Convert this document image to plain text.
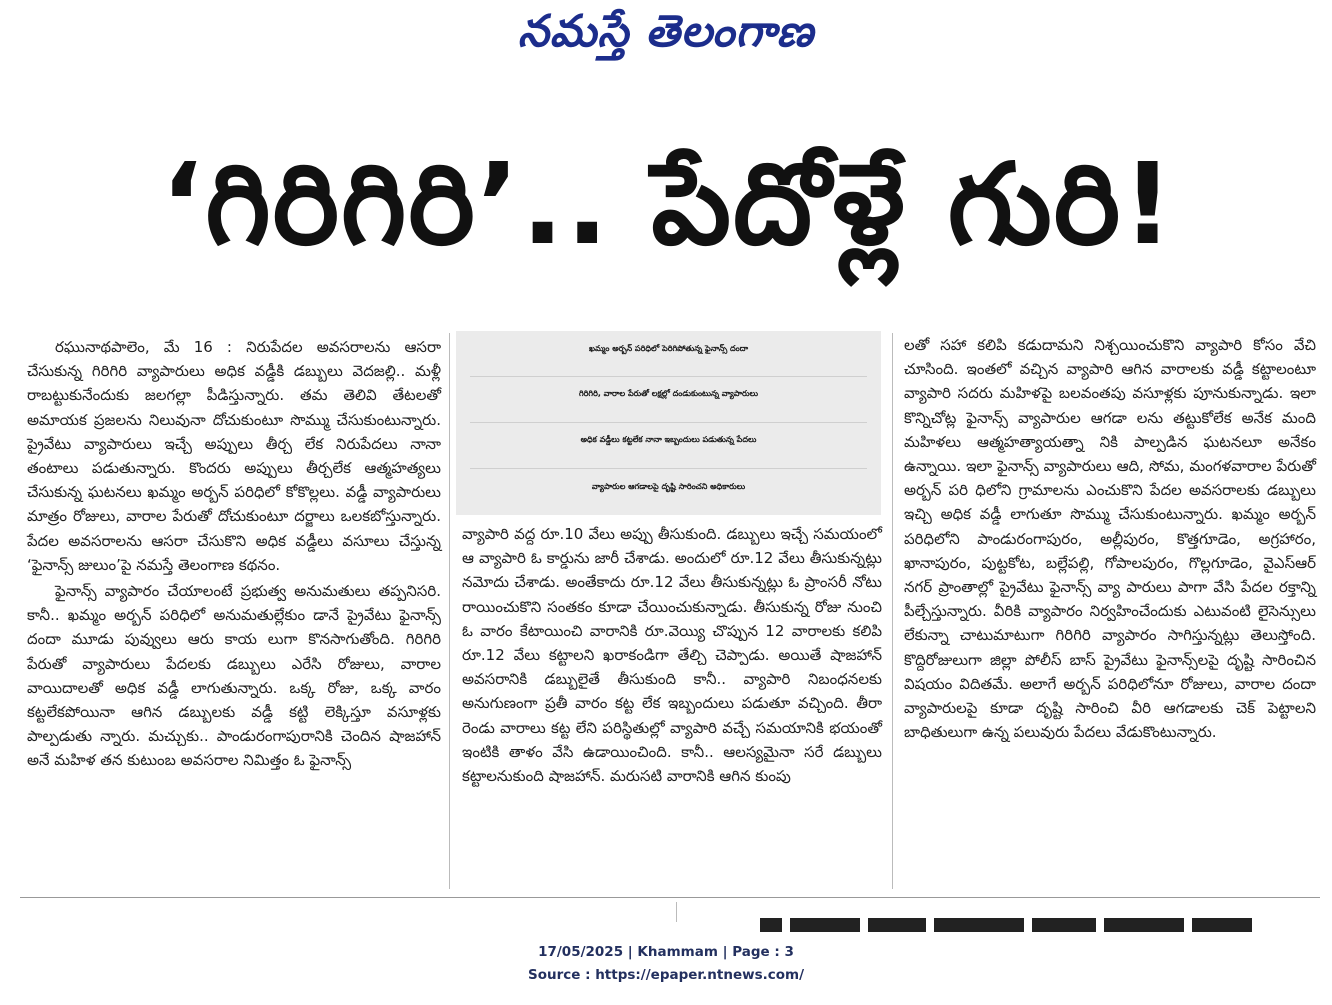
నమస్తే తెలంగాణ
‘గిరిగిరి’.. పేదోళ్లే గురి!

రఘునాథపాలెం, మే 16 : నిరుపేదల అవసరాలను ఆసరా చేసుకున్న గిరిగిరి వ్యాపారులు అధిక వడ్డీకి డబ్బులు వెదజల్లి.. మళ్లీ రాబట్టుకునేందుకు జలగల్లా పీడిస్తున్నారు. తమ తెలివి తేటలతో అమాయక ప్రజలను నిలువునా దోచుకుంటూ సొమ్ము చేసుకుంటున్నారు. ప్రైవేటు వ్యాపారులు ఇచ్చే అప్పులు తీర్చ లేక నిరుపేదలు నానా తంటాలు పడుతున్నారు. కొందరు అప్పులు తీర్చలేక ఆత్మహత్యలు చేసుకున్న ఘటనలు ఖమ్మం అర్బన్ పరిధిలో కోకొల్లలు. వడ్డీ వ్యాపారులు మాత్రం రోజులు, వారాల పేరుతో దోచుకుంటూ దర్జాలు ఒలకబోస్తున్నారు. పేదల అవసరాలను ఆసరా చేసుకొని అధిక వడ్డీలు వసూలు చేస్తున్న ‘ఫైనాన్స్ జులుం’పై నమస్తే తెలంగాణ కథనం.

ఫైనాన్స్ వ్యాపారం చేయాలంటే ప్రభుత్వ అనుమతులు తప్పనిసరి. కానీ.. ఖమ్మం అర్బన్ పరిధిలో అనుమతుల్లేకుం డానే ప్రైవేటు ఫైనాన్స్ దందా మూడు పువ్వులు ఆరు కాయ లుగా కొనసాగుతోంది. గిరిగిరి పేరుతో వ్యాపారులు పేదలకు డబ్బులు ఎరేసి రోజులు, వారాల వాయిదాలతో అధిక వడ్డీ లాగుతున్నారు. ఒక్క రోజు, ఒక్క వారం కట్టలేకపోయినా ఆగిన డబ్బులకు వడ్డీ కట్టి లెక్కిస్తూ వసూళ్లకు పాల్పడుతు న్నారు. మచ్చుకు.. పాండురంగాపురానికి చెందిన షాజహాన్ అనే మహిళ తన కుటుంబ అవసరాల నిమిత్తం ఓ ఫైనాన్స్

ఖమ్మం అర్బన్ పరిధిలో పెరిగిపోతున్న ఫైనాన్స్ దందా
గిరిగిరి, వారాల పేరుతో లక్షల్లో దండుకుంటున్న వ్యాపారులు
అధిక వడ్డీలు కట్టలేక నానా ఇబ్బందులు పడుతున్న పేదలు
వ్యాపారుల ఆగడాలపై దృష్టి సారించని అధికారులు

వ్యాపారి వద్ద రూ.10 వేలు అప్పు తీసుకుంది. డబ్బులు ఇచ్చే సమయంలో ఆ వ్యాపారి ఓ కార్డును జారీ చేశాడు. అందులో రూ.12 వేలు తీసుకున్నట్లు నమోదు చేశాడు. అంతేకాదు రూ.12 వేలు తీసుకున్నట్లు ఓ ప్రాంసరీ నోటు రాయించుకొని సంతకం కూడా చేయించుకున్నాడు. తీసుకున్న రోజు నుంచి ఓ వారం కేటాయించి వారానికి రూ.వెయ్యి చొప్పున 12 వారాలకు కలిపి రూ.12 వేలు కట్టాలని ఖరాకండిగా తేల్చి చెప్పాడు. అయితే షాజహాన్ అవసరానికి డబ్బులైతే తీసుకుంది కానీ.. వ్యాపారి నిబంధనలకు అనుగుణంగా ప్రతీ వారం కట్ట లేక ఇబ్బందులు పడుతూ వచ్చింది. తీరా రెండు వారాలు కట్ట లేని పరిస్థితుల్లో వ్యాపారి వచ్చే సమయానికి భయంతో ఇంటికి తాళం వేసి ఉడాయించింది. కానీ.. ఆలస్యమైనా సరే డబ్బులు కట్టాలనుకుంది షాజహాన్. మరుసటి వారానికి ఆగిన కుంపు

లతో సహా కలిపి కడుదామని నిశ్చయించుకొని వ్యాపారి కోసం వేచి చూసింది. ఇంతలో వచ్చిన వ్యాపారి ఆగిన వారాలకు వడ్డీ కట్టాలంటూ వ్యాపారి సదరు మహిళపై బలవంతపు వసూళ్లకు పూనుకున్నాడు. ఇలా కొన్నిచోట్ల ఫైనాన్స్ వ్యాపారుల ఆగడా లను తట్టుకోలేక అనేక మంది మహిళలు ఆత్మహత్యాయత్నా నికి పాల్పడిన ఘటనలూ అనేకం ఉన్నాయి. ఇలా ఫైనాన్స్ వ్యాపారులు ఆది, సోమ, మంగళవారాల పేరుతో అర్బన్ పరి ధిలోని గ్రామాలను ఎంచుకొని పేదల అవసరాలకు డబ్బులు ఇచ్చి అధిక వడ్డీ లాగుతూ సొమ్ము చేసుకుంటున్నారు. ఖమ్మం అర్బన్ పరిధిలోని పాండురంగాపురం, అల్లీపురం, కొత్తగూడెం, అగ్రహారం, ఖానాపురం, పుట్టకోట, బల్లేపల్లి, గోపాలపురం, గొల్లగూడెం, వైఎస్ఆర్ నగర్ ప్రాంతాల్లో ప్రైవేటు ఫైనాన్స్ వ్యా పారులు పాగా వేసి పేదల రక్తాన్ని పీల్చేస్తున్నారు. వీరికి వ్యాపారం నిర్వహించేందుకు ఎటువంటి లైసెన్సులు లేకున్నా చాటుమాటుగా గిరిగిరి వ్యాపారం సాగిస్తున్నట్లు తెలుస్తోంది. కొద్దిరోజులుగా జిల్లా పోలీస్ బాస్ ప్రైవేటు ఫైనాన్స్‌లపై దృష్టి సారించిన విషయం విదితమే. అలాగే అర్బన్ పరిధిలోనూ రోజులు, వారాల దందా వ్యాపారులపై కూడా దృష్టి సారించి వీరి ఆగడాలకు చెక్ పెట్టాలని బాధితులుగా ఉన్న పలువురు పేదలు వేడుకొంటున్నారు.

17/05/2025 | Khammam | Page : 3
Source : https://epaper.ntnews.com/
